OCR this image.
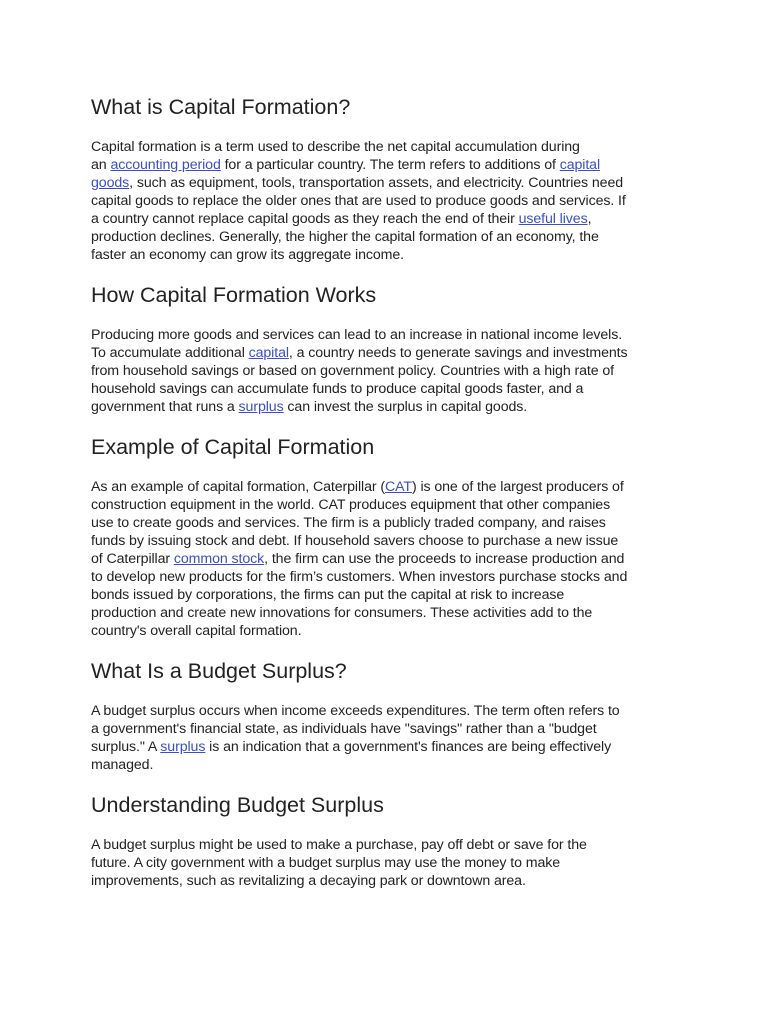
What is Capital Formation?

Capital formation is a term used to describe the net capital accumulation during
an accounting period for a particular country. The term refers to additions of capital
goods, such as equipment, tools, transportation assets, and electricity. Countries need
capital goods to replace the older ones that are used to produce goods and services. If
a country cannot replace capital goods as they reach the end of their useful lives,
production declines. Generally, the higher the capital formation of an economy, the
faster an economy can grow its aggregate income.

How Capital Formation Works

Producing more goods and services can lead to an increase in national income levels.
To accumulate additional capital, a country needs to generate savings and investments
from household savings or based on government policy. Countries with a high rate of
household savings can accumulate funds to produce capital goods faster, and a
government that runs a surplus can invest the surplus in capital goods.

Example of Capital Formation

As an example of capital formation, Caterpillar (CAT) is one of the largest producers of
construction equipment in the world. CAT produces equipment that other companies
use to create goods and services. The firm is a publicly traded company, and raises
funds by issuing stock and debt. If household savers choose to purchase a new issue
of Caterpillar common stock, the firm can use the proceeds to increase production and
to develop new products for the firm’s customers. When investors purchase stocks and
bonds issued by corporations, the firms can put the capital at risk to increase
production and create new innovations for consumers. These activities add to the
country's overall capital formation.

What Is a Budget Surplus?

A budget surplus occurs when income exceeds expenditures. The term often refers to
a government's financial state, as individuals have "savings" rather than a "budget
surplus." A surplus is an indication that a government's finances are being effectively
managed.

Understanding Budget Surplus

A budget surplus might be used to make a purchase, pay off debt or save for the
future. A city government with a budget surplus may use the money to make
improvements, such as revitalizing a decaying park or downtown area.
